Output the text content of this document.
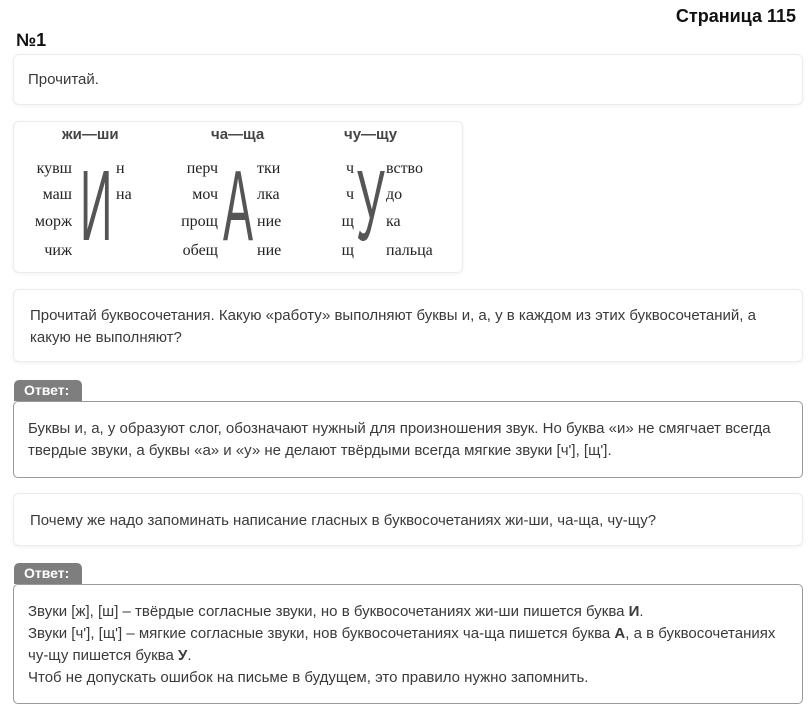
Страница 115
№1
Прочитай.
жи—ши
кувш
маш
морж
чиж И н
на
ча—ща
перч
моч
прощ
обещ А тки
лка
ние
ние
чу—щу
ч
ч
щ
щ У вство
до
ка
пальца
Прочитай буквосочетания. Какую «работу» выполняют буквы и, а, у в каждом из этих буквосочетаний, а какую не выполняют?
Ответ:
Буквы и, а, у образуют слог, обозначают нужный для произношения звук. Но буква «и» не смягчает всегда твердые звуки, а буквы «а» и «у» не делают твёрдыми всегда мягкие звуки [ч'], [щ'].
Почему же надо запоминать написание гласных в буквосочетаниях жи-ши, ча-ща, чу-щу?
Ответ:
Звуки [ж], [ш] – твёрдые согласные звуки, но в буквосочетаниях жи-ши пишется буква И.
Звуки [ч'], [щ'] – мягкие согласные звуки, нов буквосочетаниях ча-ща пишется буква А, а в буквосочетаниях чу-щу пишется буква У.
Чтоб не допускать ошибок на письме в будущем, это правило нужно запомнить.
